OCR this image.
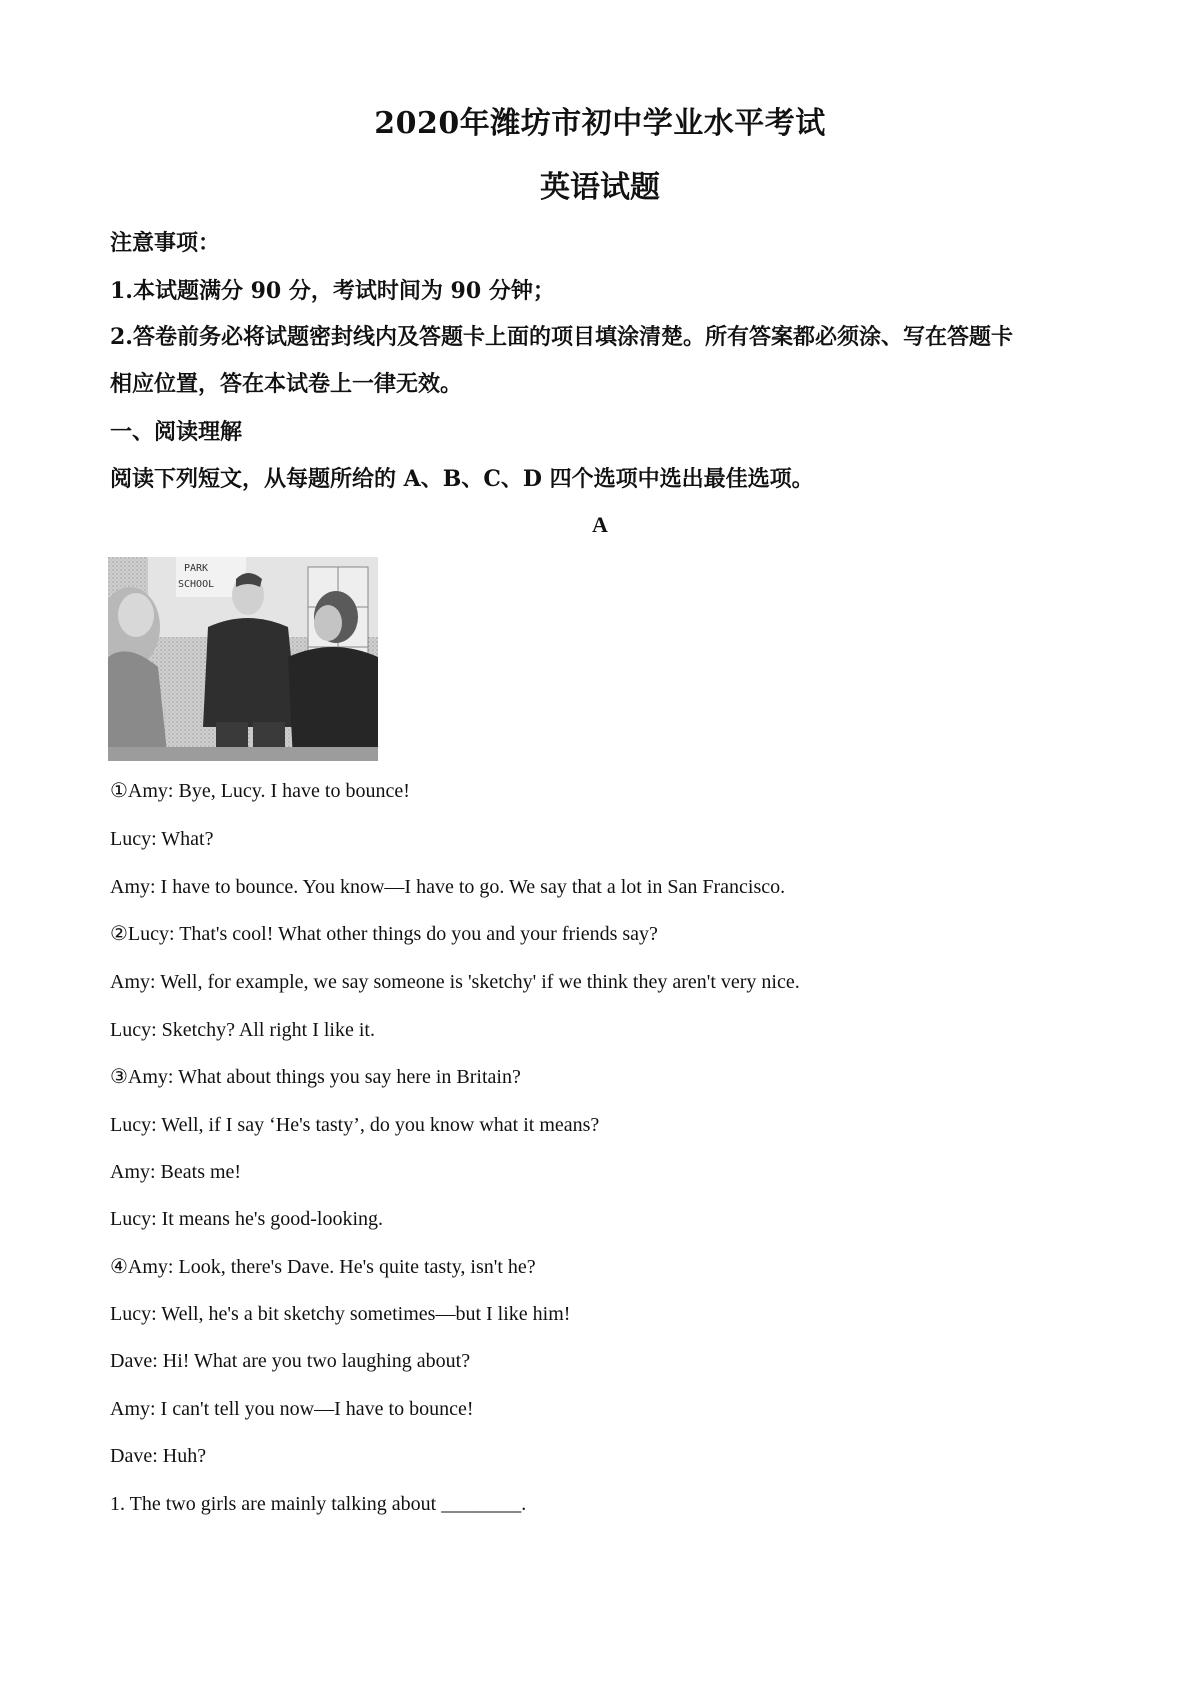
2020年潍坊市初中学业水平考试
英语试题
注意事项：
1.本试题满分 90 分，考试时间为 90 分钟；
2.答卷前务必将试题密封线内及答题卡上面的项目填涂清楚。所有答案都必须涂、写在答题卡
相应位置，答在本试卷上一律无效。
一、阅读理解
阅读下列短文，从每题所给的 A、B、C、D 四个选项中选出最佳选项。
A
PARK
SCHOOL
①Amy: Bye, Lucy. I have to bounce!
Lucy: What?
Amy: I have to bounce. You know—I have to go. We say that a lot in San Francisco.
②Lucy: That's cool! What other things do you and your friends say?
Amy: Well, for example, we say someone is 'sketchy' if we think they aren't very nice.
Lucy: Sketchy? All right I like it.
③Amy: What about things you say here in Britain?
Lucy: Well, if I say ‘He's tasty’, do you know what it means?
Amy: Beats me!
Lucy: It means he's good-looking.
④Amy: Look, there's Dave. He's quite tasty, isn't he?
Lucy: Well, he's a bit sketchy sometimes—but I like him!
Dave: Hi! What are you two laughing about?
Amy: I can't tell you now—I have to bounce!
Dave: Huh?
1. The two girls are mainly talking about ________.
